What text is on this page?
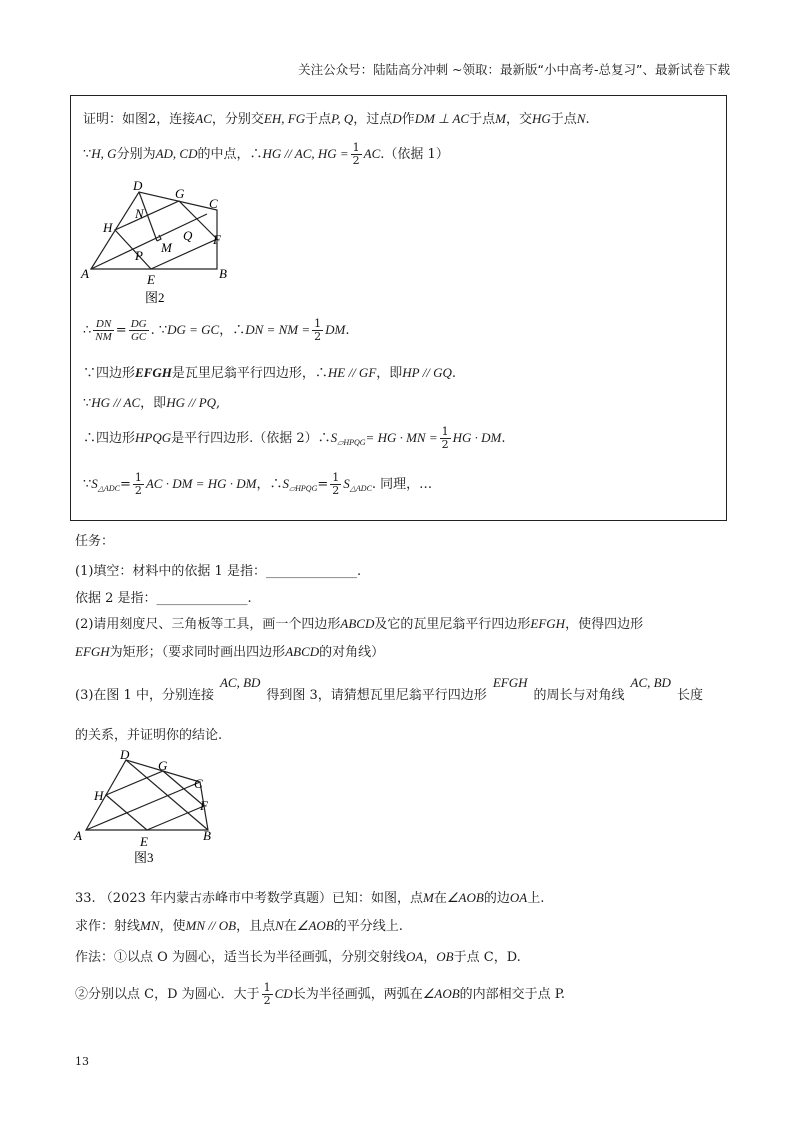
关注公众号：陆陆高分冲刺 ~领取：最新版“小中高考-总复习”、最新试卷下载
证明：如图2，连接AC，分别交EH, FG于点P, Q，过点D作DM ⊥ AC于点M，交HG于点N.
∵H, G分别为AD, CD的中点，∴HG // AC, HG = $\frac{1}{2} AC$.（依据 1）
D
G
C
N
H
Q F
M
P
A	B
E
图2
∴ $\frac{DN}{NM} = \frac{DG}{GC}$ . ∵DG = GC，∴DN = NM = $\frac{1}{2}$ DM.
∵四边形EFGH是瓦里尼翁平行四边形，∴HE // GF，即HP // GQ.
∵HG // AC，即HG // PQ,
∴四边形HPQG是平行四边形.（依据 $2)\therefore S_{▱HPQG}=$ HG · MN = $\frac{1}{2}$ HG · DM.
$\because S_{\triangle ADC}= \frac{1}{2}$ AC · DM = HG · DM，$\therefore S_{▱HPQG}= \frac{1}{2} S_{\triangle ADC}$. 同理，…
任务：
(1)填空：材料中的依据 1 是指：______________.
依据 2 是指：______________.
(2)请用刻度尺、三角板等工具，画一个四边形ABCD及它的瓦里尼翁平行四边形EFGH，使得四边形
EFGH为矩形；（要求同时画出四边形ABCD的对角线）
(3)在图 1 中，分别连接AC, BD得到图 3，请猜想瓦里尼翁平行四边形EFGH的周长与对角线AC, BD长度
的关系，并证明你的结论.
D
G
C
H
F
A	B
E
图3
33. （2023 年内蒙古赤峰市中考数学真题）已知：如图，点M在∠AOB的边OA上.
求作：射线MN，使MN // OB，且点N在∠AOB的平分线上.
作法：①以点 O 为圆心，适当长为半径画弧，分别交射线OA，OB于点 C，D.
②分别以点 C，D 为圆心．大于 $\frac{1}{2}$ CD长为半径画弧，两弧在∠AOB的内部相交于点 P.
13
